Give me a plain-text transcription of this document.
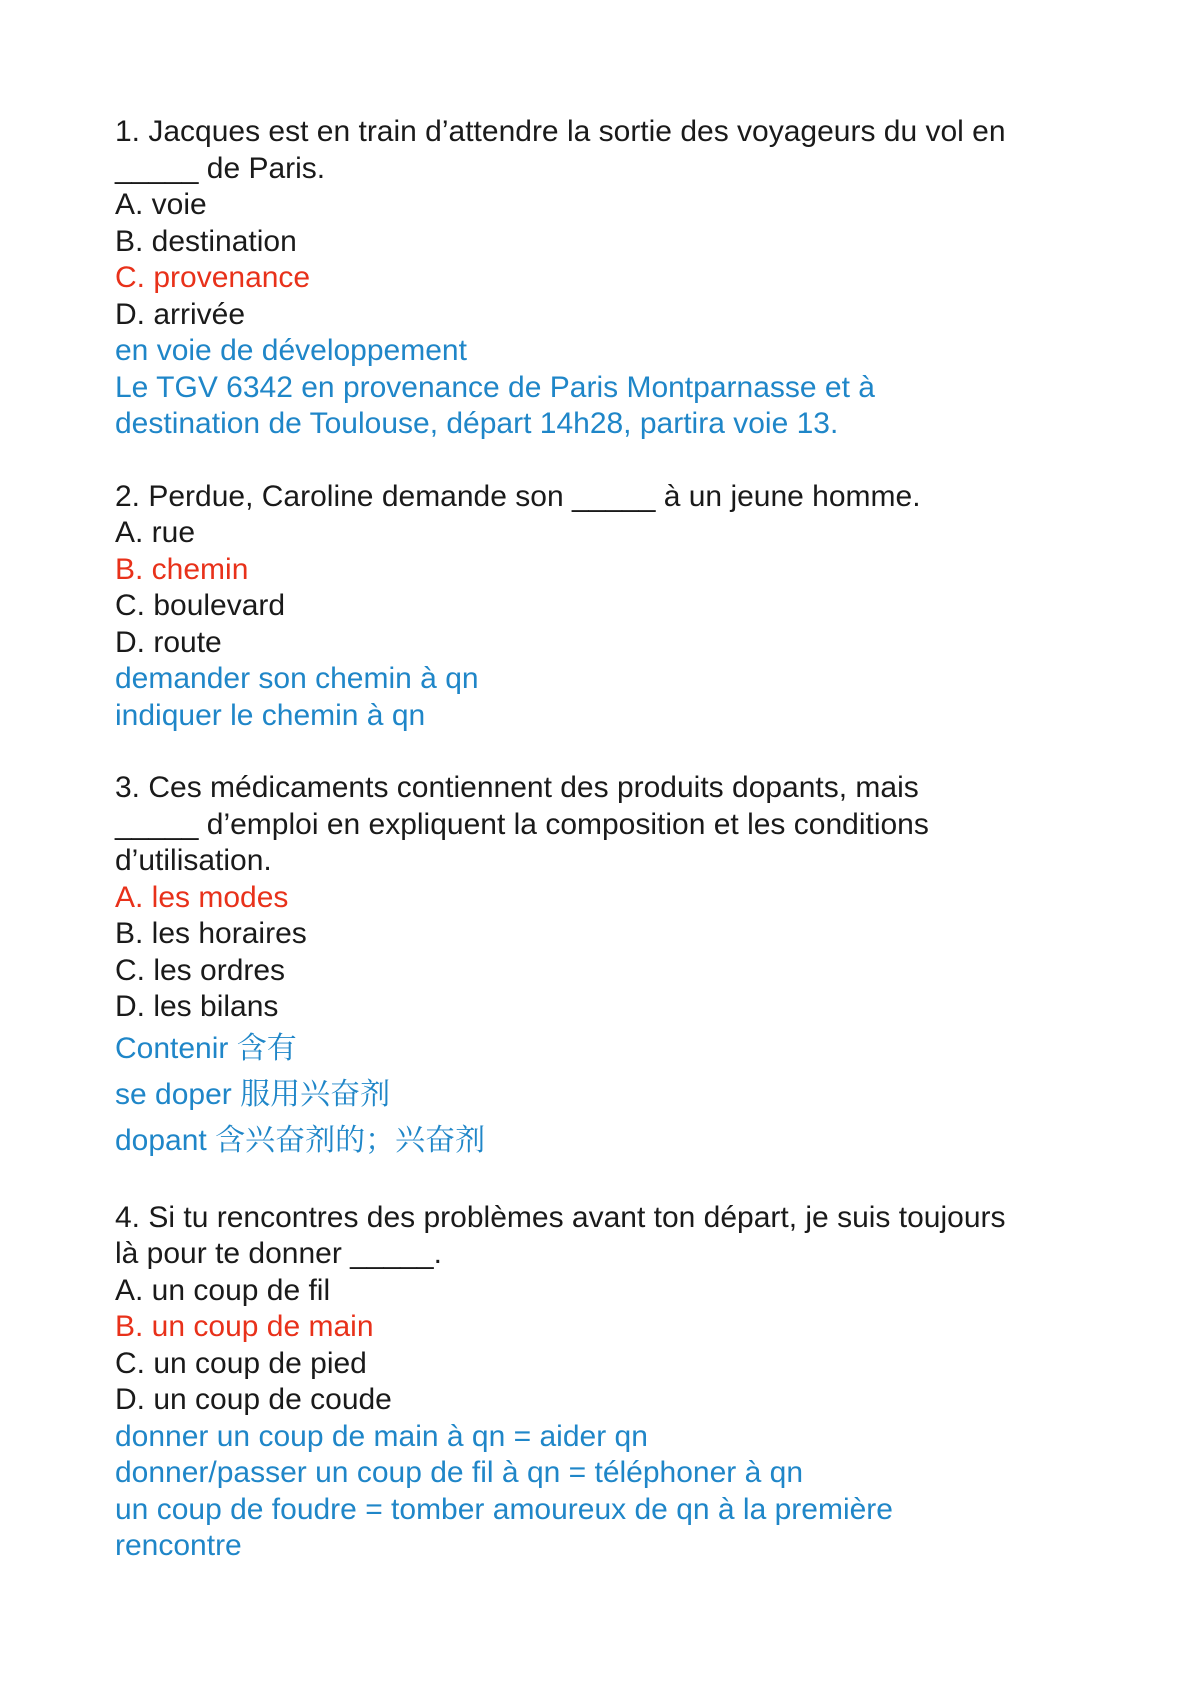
1. Jacques est en train d’attendre la sortie des voyageurs du vol en
_____ de Paris.
A. voie
B. destination
C. provenance
D. arrivée
en voie de développement
Le TGV 6342 en provenance de Paris Montparnasse et à
destination de Toulouse, départ 14h28, partira voie 13.
2. Perdue, Caroline demande son _____ à un jeune homme.
A. rue
B. chemin
C. boulevard
D. route
demander son chemin à qn
indiquer le chemin à qn
3. Ces médicaments contiennent des produits dopants, mais
_____ d’emploi en expliquent la composition et les conditions
d’utilisation.
A. les modes
B. les horaires
C. les ordres
D. les bilans
Contenir 含有
se doper 服用兴奋剂
dopant 含兴奋剂的；兴奋剂
4. Si tu rencontres des problèmes avant ton départ, je suis toujours
là pour te donner _____.
A. un coup de fil
B. un coup de main
C. un coup de pied
D. un coup de coude
donner un coup de main à qn = aider qn
donner/passer un coup de fil à qn = téléphoner à qn
un coup de foudre = tomber amoureux de qn à la première
rencontre
